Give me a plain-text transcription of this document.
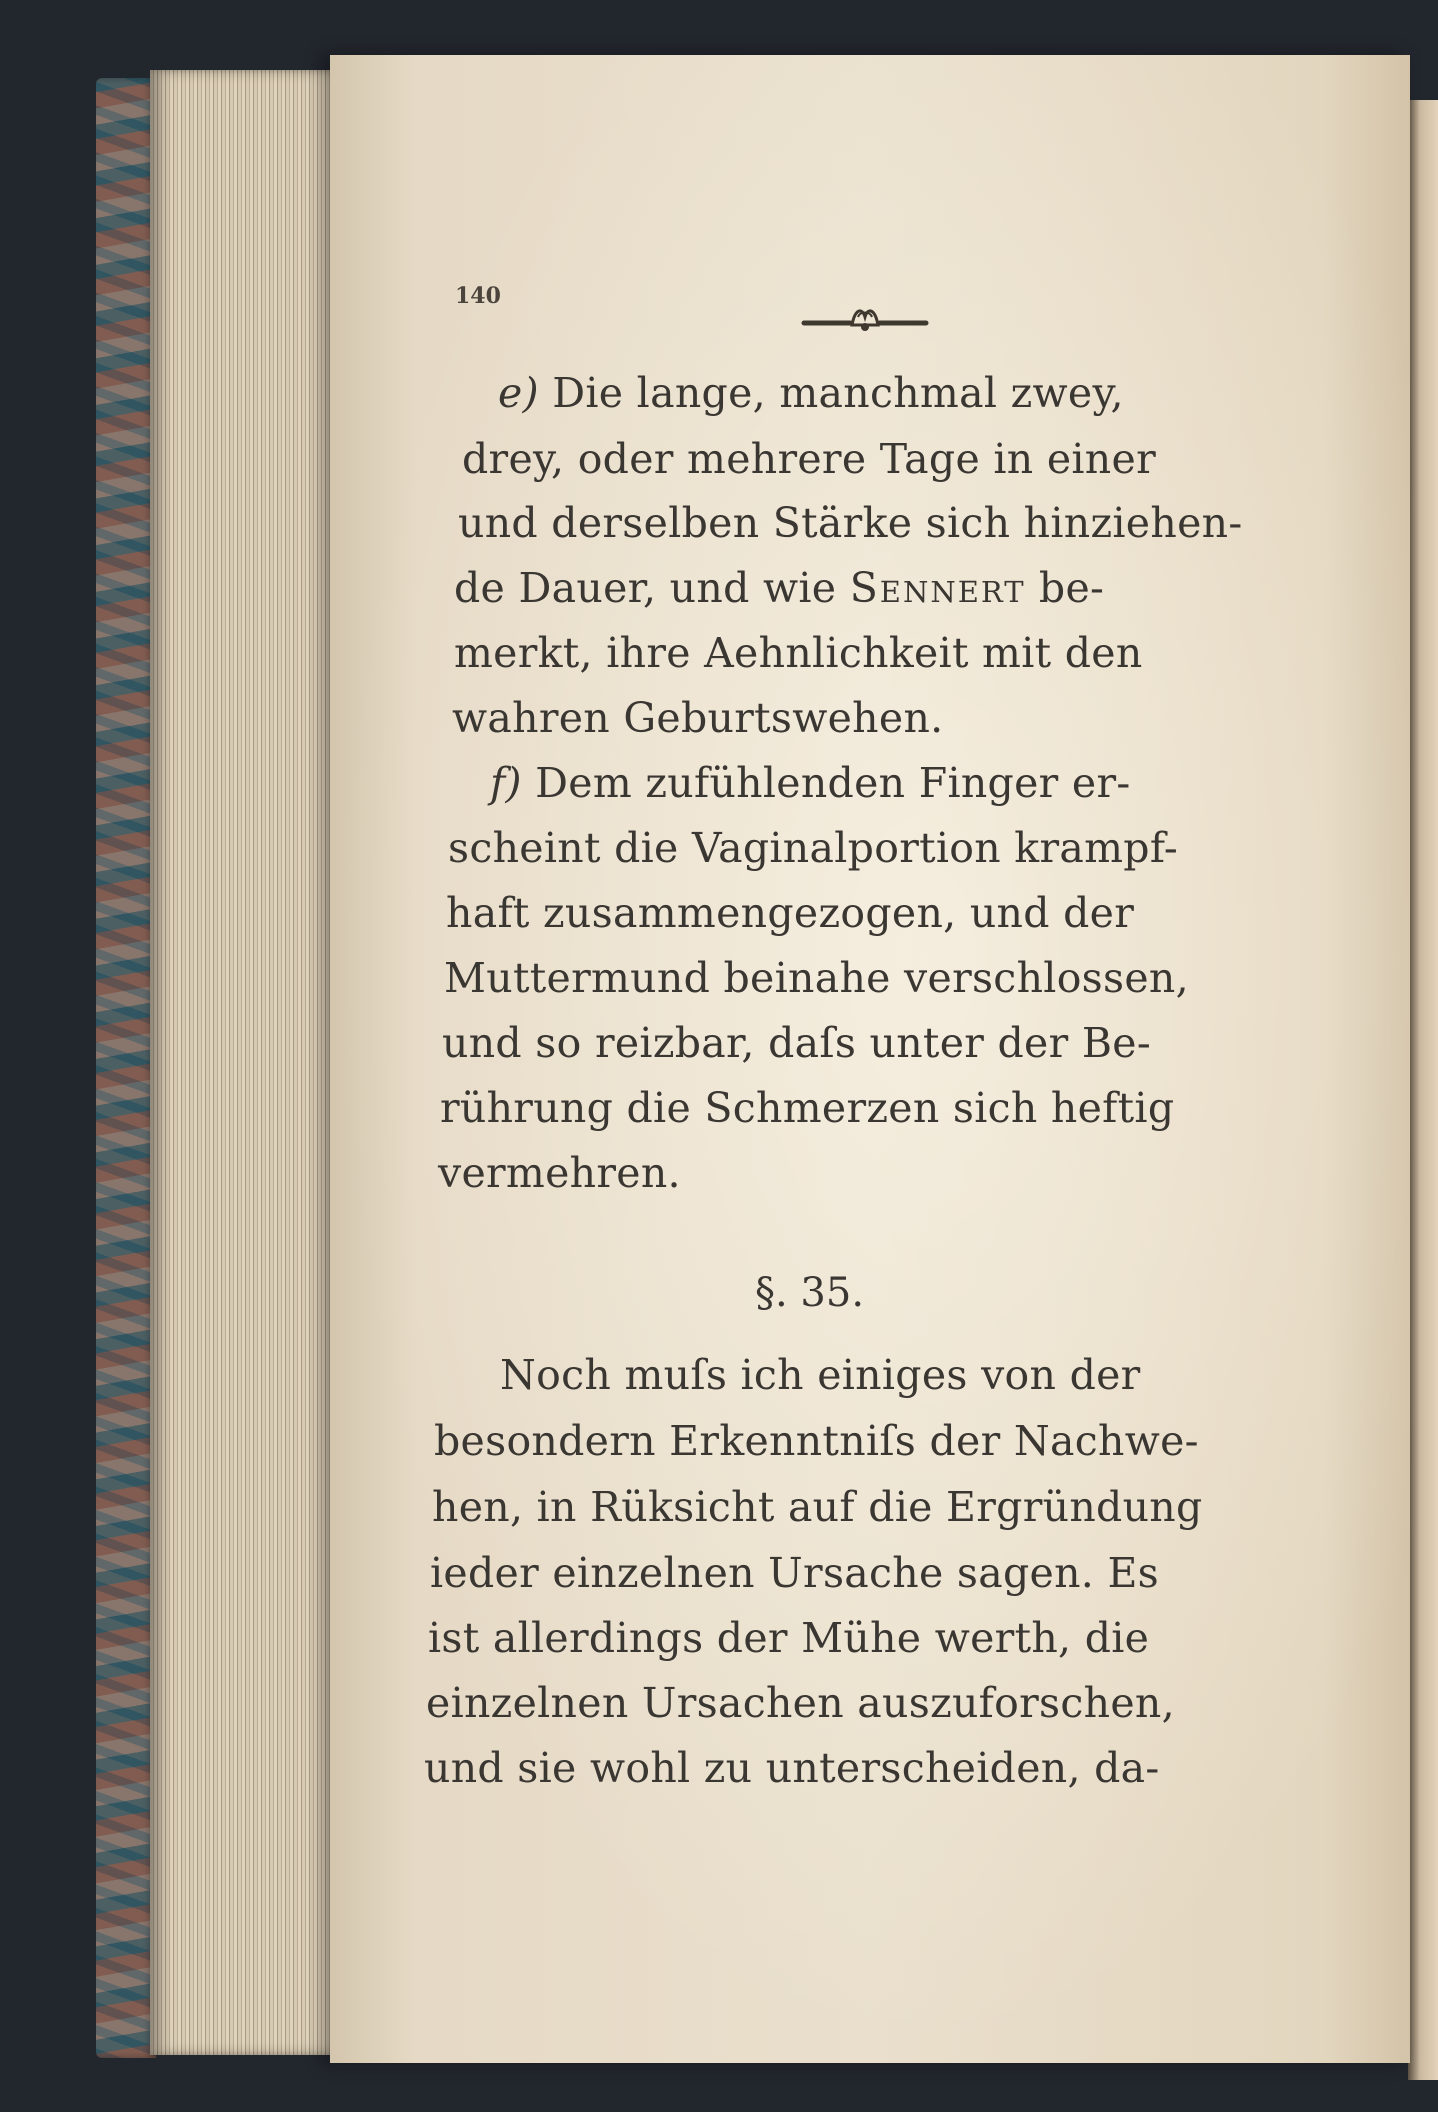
140
e) Die lange, manchmal zwey,
drey, oder mehrere Tage in einer
und derselben Stärke sich hinziehen-
de Dauer, und wie Sennert be-
merkt, ihre Aehnlichkeit mit den
wahren Geburtswehen.
f) Dem zufühlenden Finger er-
scheint die Vaginalportion krampf-
haft zusammengezogen, und der
Muttermund beinahe verschlossen,
und so reizbar, daſs unter der Be-
rührung die Schmerzen sich heftig
vermehren.
§. 35.
Noch muſs ich einiges von der
besondern Erkenntniſs der Nachwe-
hen, in Rüksicht auf die Ergründung
ieder einzelnen Ursache sagen. Es
ist allerdings der Mühe werth, die
einzelnen Ursachen auszuforschen,
und sie wohl zu unterscheiden, da-
